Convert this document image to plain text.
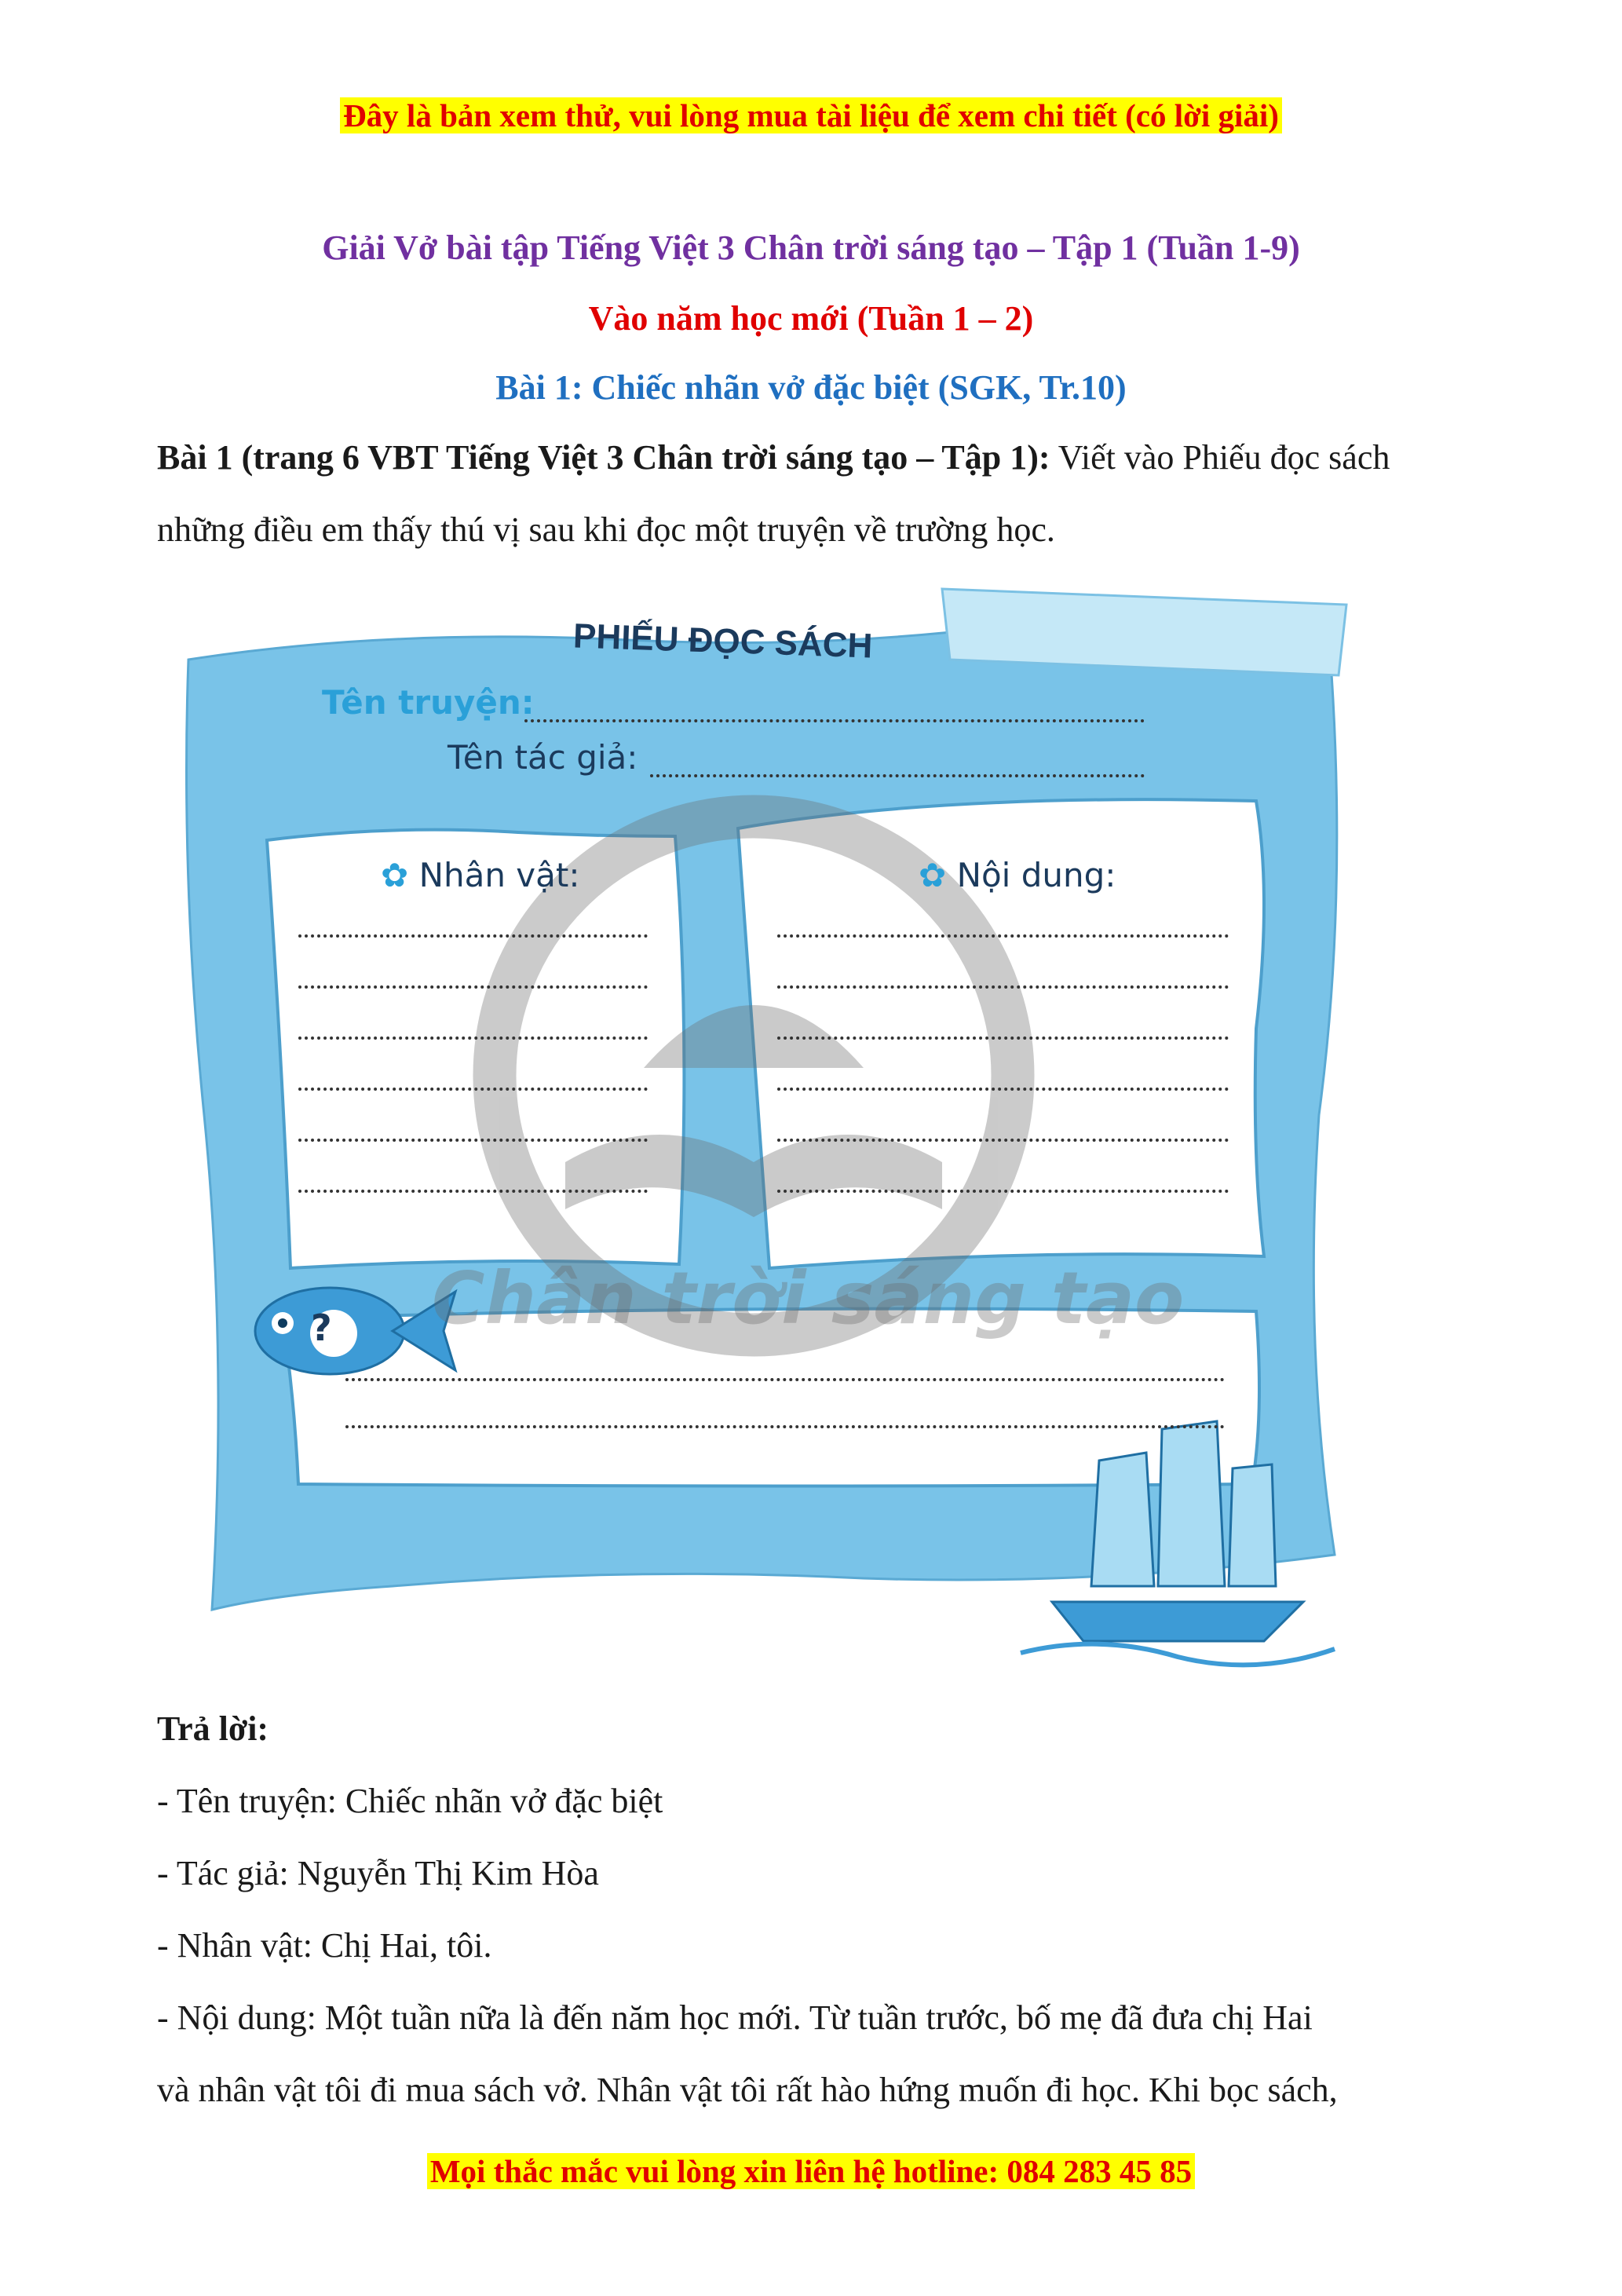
Đây là bản xem thử, vui lòng mua tài liệu để xem chi tiết (có lời giải)
Giải Vở bài tập Tiếng Việt 3 Chân trời sáng tạo – Tập 1 (Tuần 1-9)
Vào năm học mới (Tuần 1 – 2)
Bài 1: Chiếc nhãn vở đặc biệt (SGK, Tr.10)
Bài 1 (trang 6 VBT Tiếng Việt 3 Chân trời sáng tạo – Tập 1): Viết vào Phiếu đọc sách những điều em thấy thú vị sau khi đọc một truyện về trường học.
PHIẾU ĐỌC SÁCH
Tên truyện:
Tên tác giả:
✿ Nhân vật:	✿ Nội dung:
? Chân trời sáng tạo
Trả lời:
- Tên truyện: Chiếc nhãn vở đặc biệt
- Tác giả: Nguyễn Thị Kim Hòa
- Nhân vật: Chị Hai, tôi.
- Nội dung: Một tuần nữa là đến năm học mới. Từ tuần trước, bố mẹ đã đưa chị Hai
và nhân vật tôi đi mua sách vở. Nhân vật tôi rất hào hứng muốn đi học. Khi bọc sách,
Mọi thắc mắc vui lòng xin liên hệ hotline: 084 283 45 85
